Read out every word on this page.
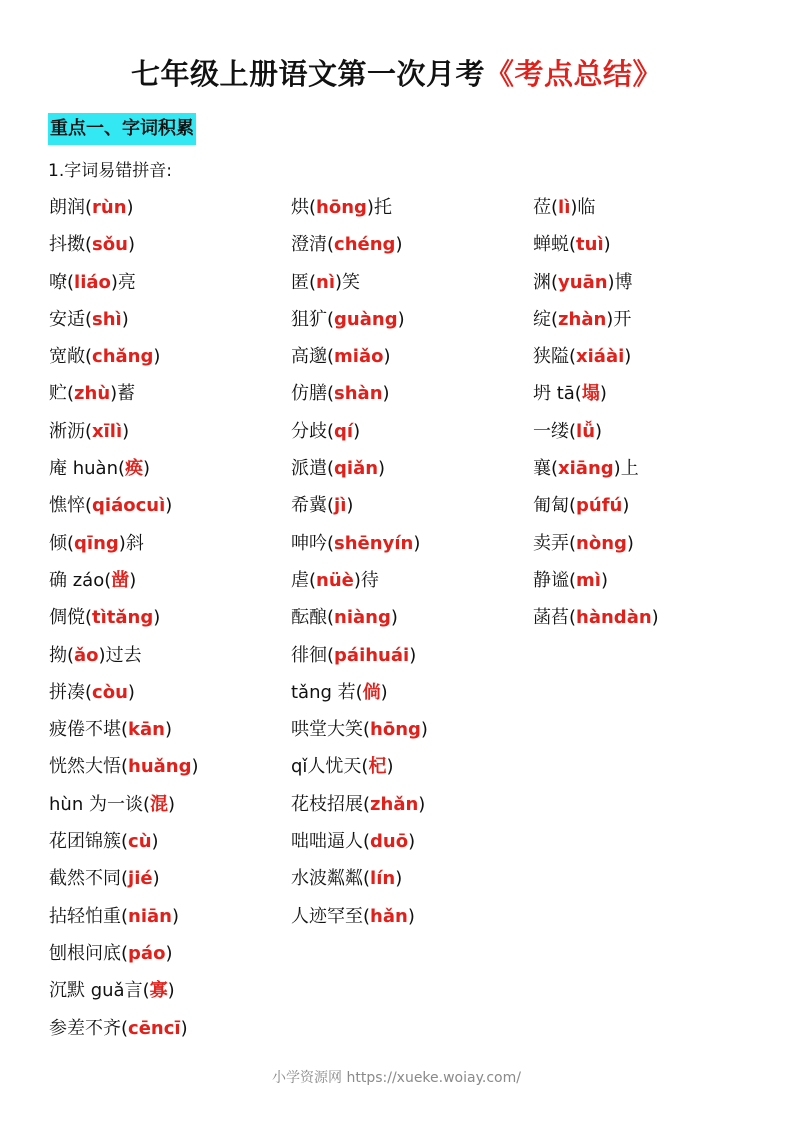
七年级上册语文第一次月考《考点总结》
重点一、字词积累
1.字词易错拼音:
朗润(rùn)
抖擞(sǒu)
嘹(liáo)亮
安适(shì)
宽敞(chǎng)
贮(zhù)蓄
淅沥(xīlì)
庵 huàn(痪)
憔悴(qiáocuì)
倾(qīng)斜
确 záo(凿)
倜傥(tìtǎng)
拗(ǎo)过去
拼凑(còu)
疲倦不堪(kān)
恍然大悟(huǎng)
hùn 为一谈(混)
花团锦簇(cù)
截然不同(jié)
拈轻怕重(niān)
刨根问底(páo)
沉默 guǎ言(寡)
参差不齐(cēncī)
烘(hōng)托
澄清(chéng)
匿(nì)笑
狙犷(guàng)
高邈(miǎo)
仿膳(shàn)
分歧(qí)
派遣(qiǎn)
希冀(jì)
呻吟(shēnyín)
虐(nüè)待
酝酿(niàng)
徘徊(páihuái)
tǎng 若(倘)
哄堂大笑(hōng)
qǐ人忧天(杞)
花枝招展(zhǎn)
咄咄逼人(duō)
水波粼粼(lín)
人迹罕至(hǎn)
莅(lì)临
蝉蜕(tuì)
渊(yuān)博
绽(zhàn)开
狭隘(xiáài)
坍 tā(塌)
一缕(lǚ)
襄(xiāng)上
匍匐(púfú)
卖弄(nòng)
静谧(mì)
菡萏(hàndàn)
小学资源网 https://xueke.woiay.com/
